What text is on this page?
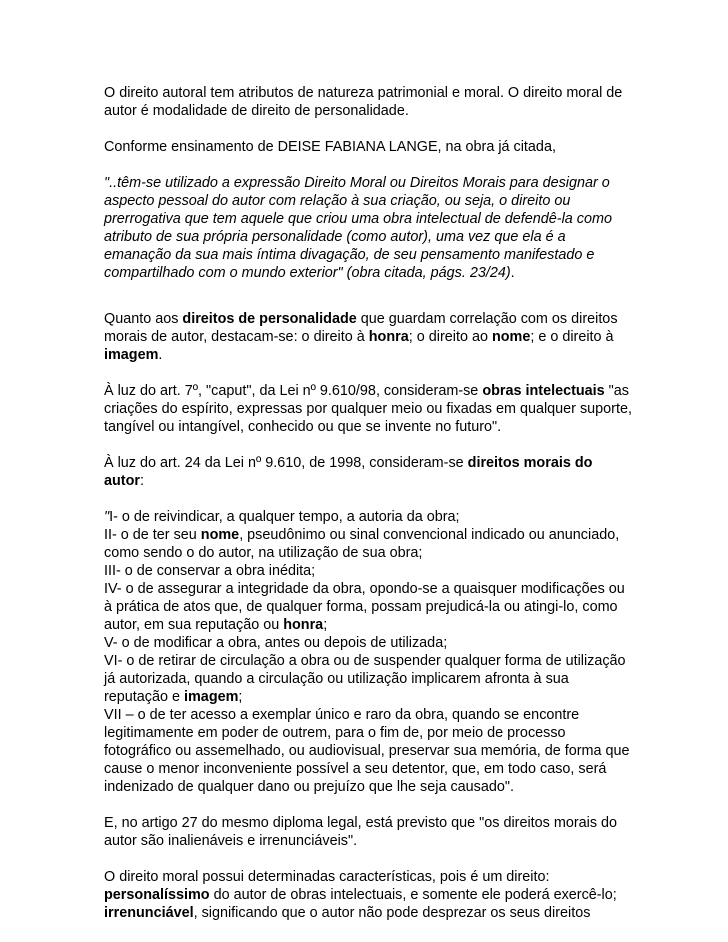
O direito autoral tem atributos de natureza patrimonial e moral. O direito moral de
autor é modalidade de direito de personalidade.
Conforme ensinamento de DEISE FABIANA LANGE, na obra já citada,
"..têm-se utilizado a expressão Direito Moral ou Direitos Morais para designar o
aspecto pessoal do autor com relação à sua criação, ou seja, o direito ou
prerrogativa que tem aquele que criou uma obra intelectual de defendê-la como
atributo de sua própria personalidade (como autor), uma vez que ela é a
emanação da sua mais íntima divagação, de seu pensamento manifestado e
compartilhado com o mundo exterior" (obra citada, págs. 23/24).
Quanto aos direitos de personalidade que guardam correlação com os direitos
morais de autor, destacam-se: o direito à honra; o direito ao nome; e o direito à
imagem.
À luz do art. 7º, "caput", da Lei nº 9.610/98, consideram-se obras intelectuais "as
criações do espírito, expressas por qualquer meio ou fixadas em qualquer suporte,
tangível ou intangível, conhecido ou que se invente no futuro".
À luz do art. 24 da Lei nº 9.610, de 1998, consideram-se direitos morais do
autor:
"I- o de reivindicar, a qualquer tempo, a autoria da obra;
II- o de ter seu nome, pseudônimo ou sinal convencional indicado ou anunciado,
como sendo o do autor, na utilização de sua obra;
III- o de conservar a obra inédita;
IV- o de assegurar a integridade da obra, opondo-se a quaisquer modificações ou
à prática de atos que, de qualquer forma, possam prejudicá-la ou atingi-lo, como
autor, em sua reputação ou honra;
V- o de modificar a obra, antes ou depois de utilizada;
VI- o de retirar de circulação a obra ou de suspender qualquer forma de utilização
já autorizada, quando a circulação ou utilização implicarem afronta à sua
reputação e imagem;
VII – o de ter acesso a exemplar único e raro da obra, quando se encontre
legitimamente em poder de outrem, para o fim de, por meio de processo
fotográfico ou assemelhado, ou audiovisual, preservar sua memória, de forma que
cause o menor inconveniente possível a seu detentor, que, em todo caso, será
indenizado de qualquer dano ou prejuízo que lhe seja causado".
E, no artigo 27 do mesmo diploma legal, está previsto que "os direitos morais do
autor são inalienáveis e irrenunciáveis".
O direito moral possui determinadas características, pois é um direito:
personalíssimo do autor de obras intelectuais, e somente ele poderá exercê-lo;
irrenunciável, significando que o autor não pode desprezar os seus direitos
